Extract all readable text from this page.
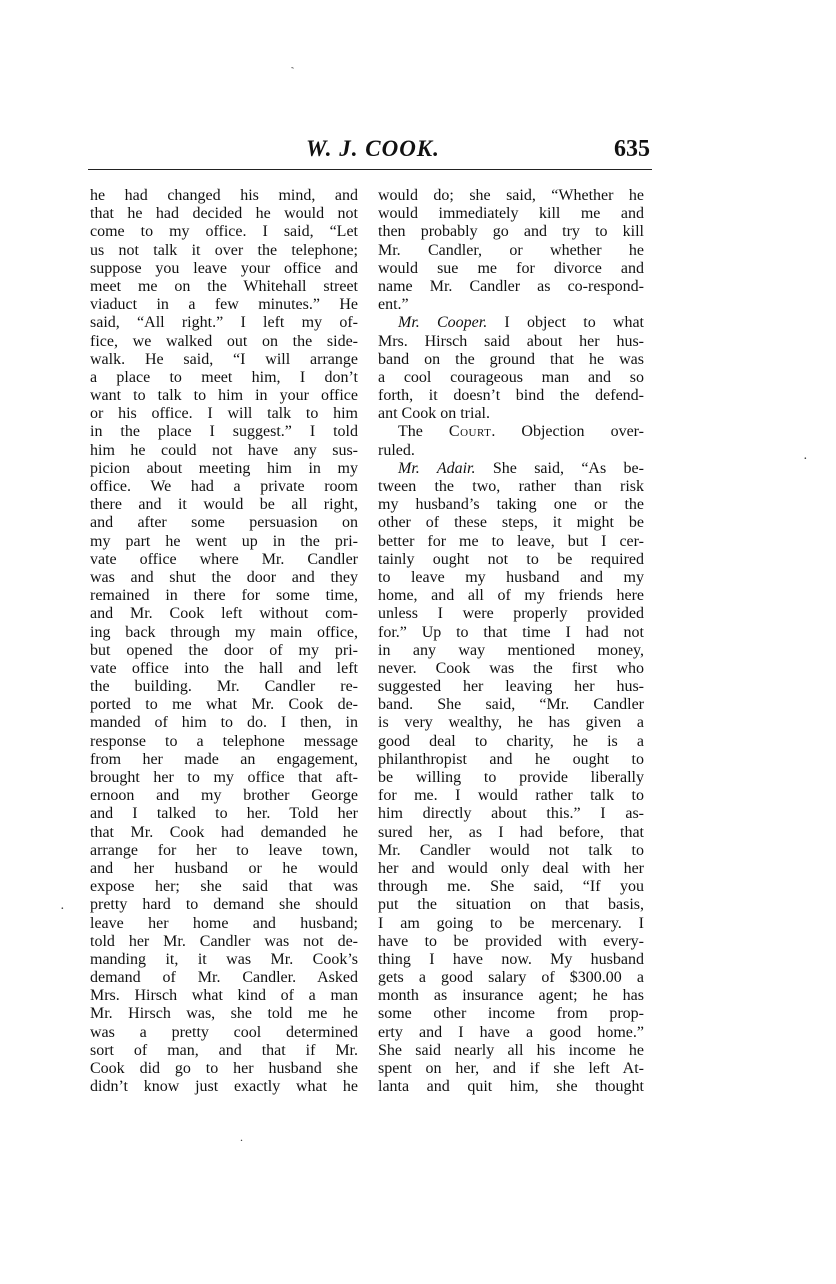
ˏ
·
·
.
W. J. COOK.	635
he had changed his mind, and
that he had decided he would not
come to my office. I said, “Let
us not talk it over the telephone;
suppose you leave your office and
meet me on the Whitehall street
viaduct in a few minutes.” He
said, “All right.” I left my of-
fice, we walked out on the side-
walk. He said, “I will arrange
a place to meet him, I don’t
want to talk to him in your office
or his office. I will talk to him
in the place I suggest.” I told
him he could not have any sus-
picion about meeting him in my
office. We had a private room
there and it would be all right,
and after some persuasion on
my part he went up in the pri-
vate office where Mr. Candler
was and shut the door and they
remained in there for some time,
and Mr. Cook left without com-
ing back through my main office,
but opened the door of my pri-
vate office into the hall and left
the building. Mr. Candler re-
ported to me what Mr. Cook de-
manded of him to do. I then, in
response to a telephone message
from her made an engagement,
brought her to my office that aft-
ernoon and my brother George
and I talked to her. Told her
that Mr. Cook had demanded he
arrange for her to leave town,
and her husband or he would
expose her; she said that was
pretty hard to demand she should
leave her home and husband;
told her Mr. Candler was not de-
manding it, it was Mr. Cook’s
demand of Mr. Candler. Asked
Mrs. Hirsch what kind of a man
Mr. Hirsch was, she told me he
was a pretty cool determined
sort of man, and that if Mr.
Cook did go to her husband she
didn’t know just exactly what he
would do; she said, “Whether he
would immediately kill me and
then probably go and try to kill
Mr. Candler, or whether he
would sue me for divorce and
name Mr. Candler as co-respond-
ent.”
Mr. Cooper. I object to what
Mrs. Hirsch said about her hus-
band on the ground that he was
a cool courageous man and so
forth, it doesn’t bind the defend-
ant Cook on trial.
The Court. Objection over-
ruled.
Mr. Adair. She said, “As be-
tween the two, rather than risk
my husband’s taking one or the
other of these steps, it might be
better for me to leave, but I cer-
tainly ought not to be required
to leave my husband and my
home, and all of my friends here
unless I were properly provided
for.” Up to that time I had not
in any way mentioned money,
never. Cook was the first who
suggested her leaving her hus-
band. She said, “Mr. Candler
is very wealthy, he has given a
good deal to charity, he is a
philanthropist and he ought to
be willing to provide liberally
for me. I would rather talk to
him directly about this.” I as-
sured her, as I had before, that
Mr. Candler would not talk to
her and would only deal with her
through me. She said, “If you
put the situation on that basis,
I am going to be mercenary. I
have to be provided with every-
thing I have now. My husband
gets a good salary of $300.00 a
month as insurance agent; he has
some other income from prop-
erty and I have a good home.”
She said nearly all his income he
spent on her, and if she left At-
lanta and quit him, she thought
